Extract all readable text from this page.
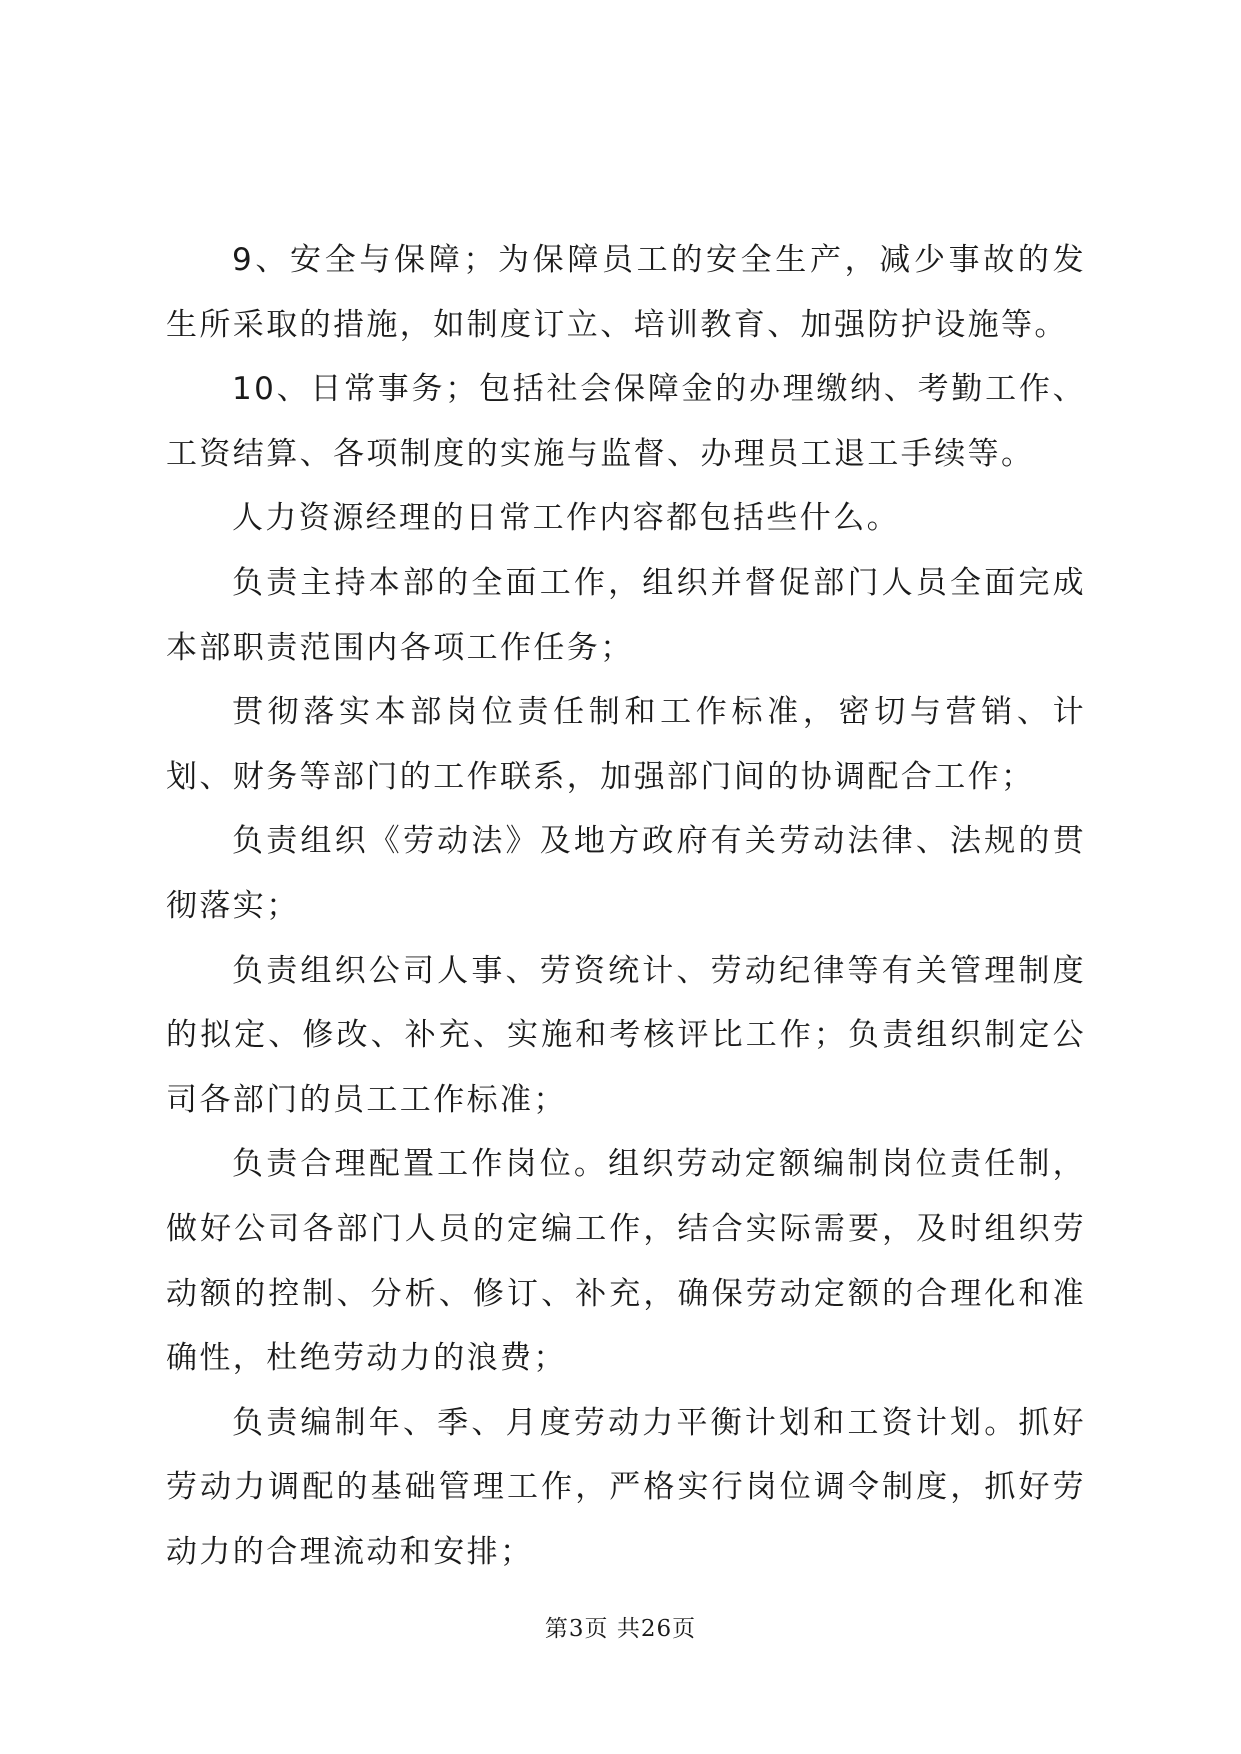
9、安全与保障；为保障员工的安全生产，减少事故的发生所采取的措施，如制度订立、培训教育、加强防护设施等。

10、日常事务；包括社会保障金的办理缴纳、考勤工作、工资结算、各项制度的实施与监督、办理员工退工手续等。

人力资源经理的日常工作内容都包括些什么。

负责主持本部的全面工作，组织并督促部门人员全面完成本部职责范围内各项工作任务；

贯彻落实本部岗位责任制和工作标准，密切与营销、计划、财务等部门的工作联系，加强部门间的协调配合工作；

负责组织《劳动法》及地方政府有关劳动法律、法规的贯彻落实；

负责组织公司人事、劳资统计、劳动纪律等有关管理制度的拟定、修改、补充、实施和考核评比工作；负责组织制定公司各部门的员工工作标准；

负责合理配置工作岗位。组织劳动定额编制岗位责任制，做好公司各部门人员的定编工作，结合实际需要，及时组织劳动额的控制、分析、修订、补充，确保劳动定额的合理化和准确性，杜绝劳动力的浪费；

负责编制年、季、月度劳动力平衡计划和工资计划。抓好劳动力调配的基础管理工作，严格实行岗位调令制度，抓好劳动力的合理流动和安排；

第3页 共26页
